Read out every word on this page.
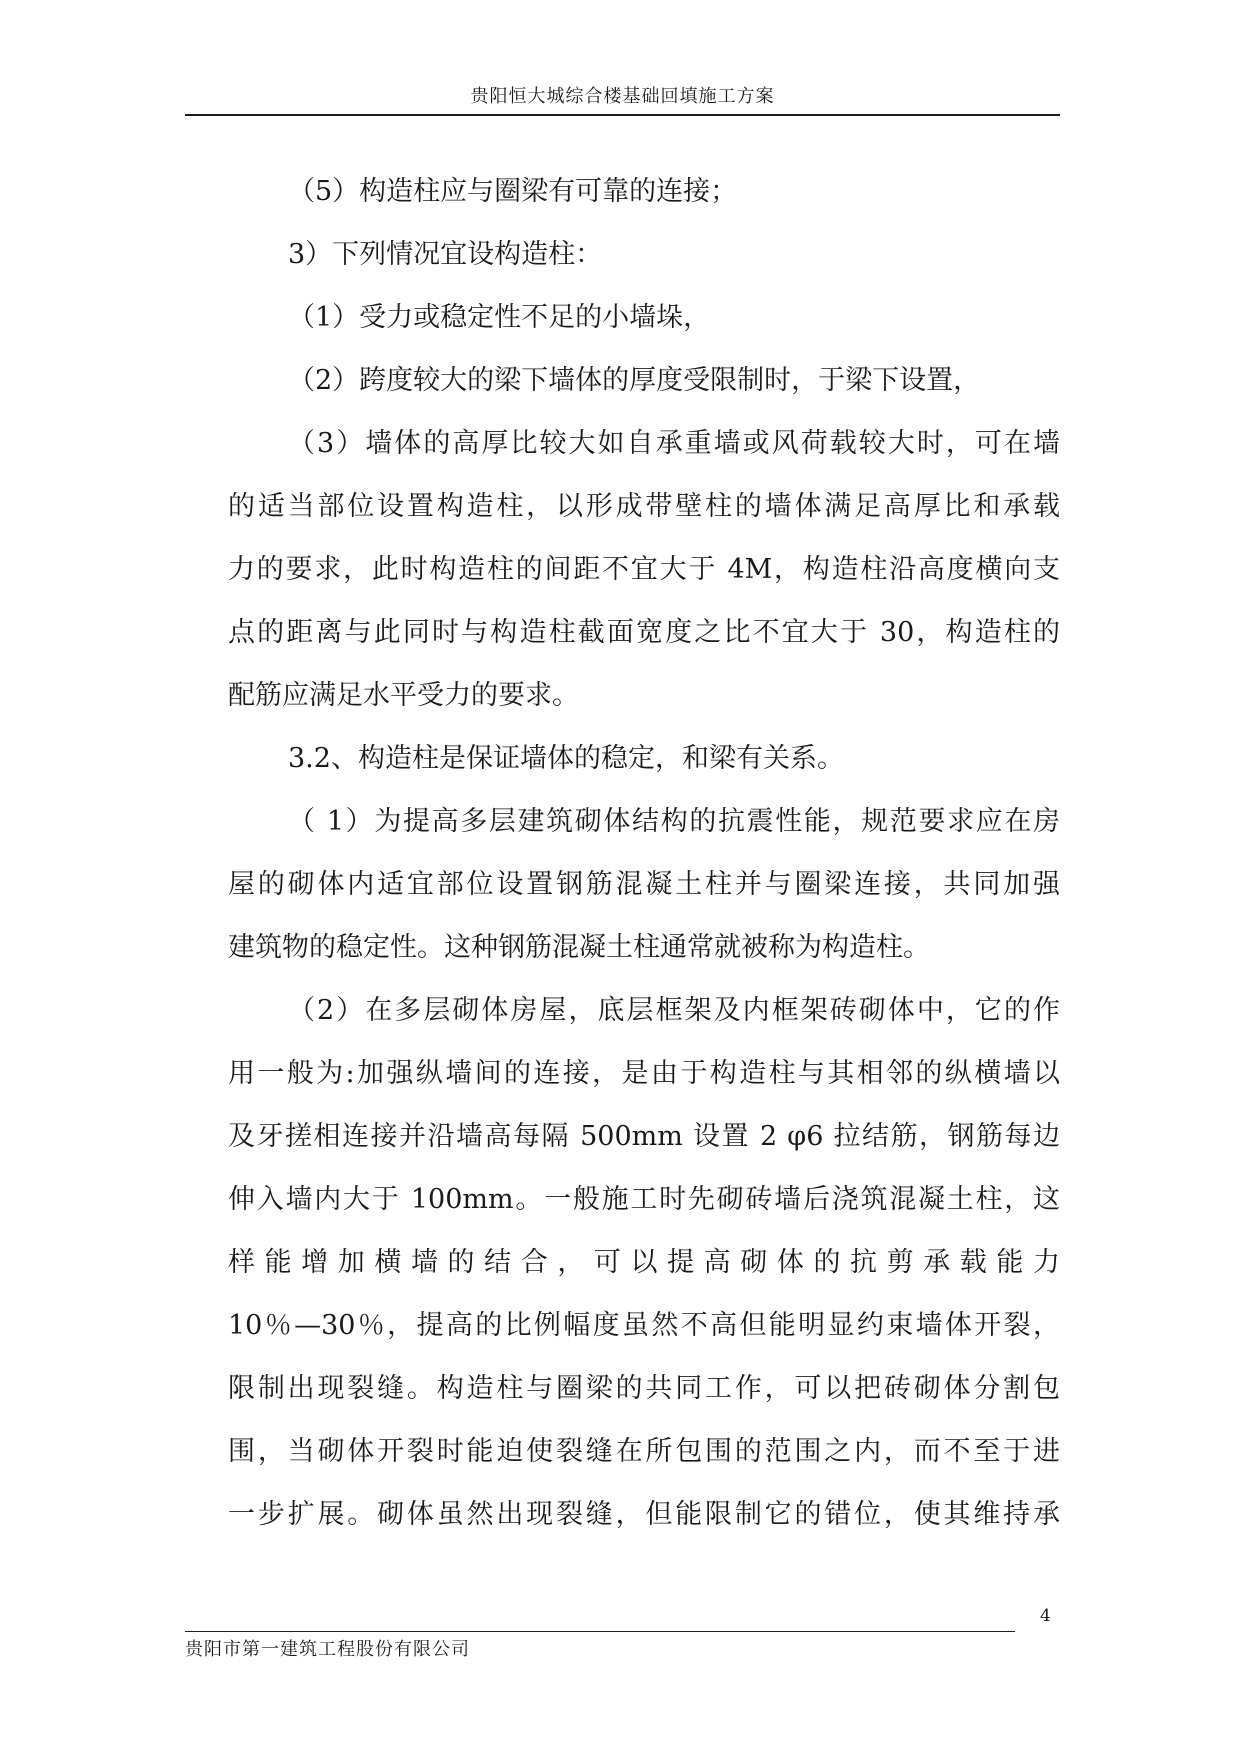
贵阳恒大城综合楼基础回填施工方案
（5）构造柱应与圈梁有可靠的连接；
3）下列情况宜设构造柱：
（1）受力或稳定性不足的小墙垛，
（2）跨度较大的梁下墙体的厚度受限制时，于梁下设置，
（3）墙体的高厚比较大如自承重墙或风荷载较大时，可在墙
的适当部位设置构造柱，以形成带壁柱的墙体满足高厚比和承载
力的要求，此时构造柱的间距不宜大于 4M，构造柱沿高度横向支
点的距离与此同时与构造柱截面宽度之比不宜大于 30，构造柱的
配筋应满足水平受力的要求。
3.2、构造柱是保证墙体的稳定，和梁有关系。
（ 1）为提高多层建筑砌体结构的抗震性能，规范要求应在房
屋的砌体内适宜部位设置钢筋混凝土柱并与圈梁连接，共同加强
建筑物的稳定性。这种钢筋混凝土柱通常就被称为构造柱。
（2）在多层砌体房屋，底层框架及内框架砖砌体中，它的作
用一般为:加强纵墙间的连接，是由于构造柱与其相邻的纵横墙以
及牙搓相连接并沿墙高每隔 500mm 设置 2 φ6 拉结筋，钢筋每边
伸入墙内大于 100mm。一般施工时先砌砖墙后浇筑混凝土柱，这
样 能 增 加 横 墙 的 结 合 ， 可 以 提 高 砌 体 的 抗 剪 承 载 能 力
10％—30％，提高的比例幅度虽然不高但能明显约束墙体开裂，
限制出现裂缝。构造柱与圈梁的共同工作，可以把砖砌体分割包
围，当砌体开裂时能迫使裂缝在所包围的范围之内，而不至于进
一步扩展。砌体虽然出现裂缝，但能限制它的错位，使其维持承
4
贵阳市第一建筑工程股份有限公司
